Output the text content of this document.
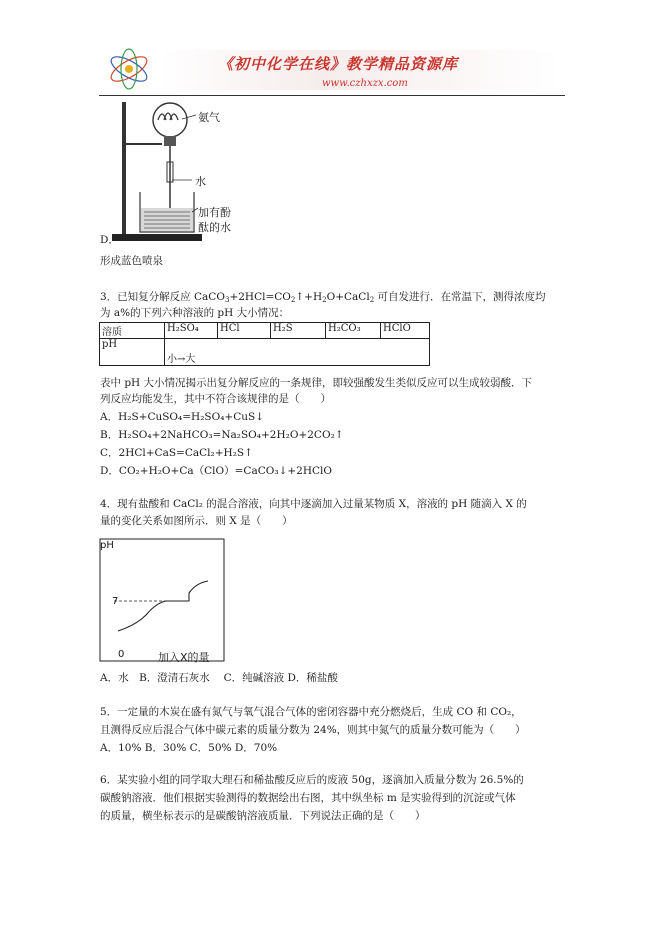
《初中化学在线》教学精品资源库
www.czhxzx.com
氨气
水
加有酚
酞的水
D．
形成蓝色喷泉
3．已知复分解反应 $CaCO_3+2HCl=CO_2↑+H_2O+CaCl_2$ 可自发进行．在常温下，测得浓度均
为 a%的下列六种溶液的 pH 大小情况：
溶质	H₂SO₄	HCl	H₂S	H₂CO₃	HClO
pH	小→大				
表中 pH 大小情况揭示出复分解反应的一条规律，即较强酸发生类似反应可以生成较弱酸．下
列反应均能发生，其中不符合该规律的是（　　）
A．H₂S+CuSO₄=H₂SO₄+CuS↓
B．H₂SO₄+2NaHCO₃=Na₂SO₄+2H₂O+2CO₂↑
C．2HCl+CaS=CaCl₂+H₂S↑
D．CO₂+H₂O+Ca（ClO）=CaCO₃↓+2HClO
4．现有盐酸和 CaCl₂ 的混合溶液，向其中逐滴加入过量某物质 X，溶液的 pH 随滴入 X 的
量的变化关系如图所示．则 X 是（　　）
pH
7
0	加入X的量
A．水　B．澄清石灰水　 C．纯碱溶液 D．稀盐酸
5．一定量的木炭在盛有氮气与氧气混合气体的密闭容器中充分燃烧后，生成 CO 和 CO₂，
且测得反应后混合气体中碳元素的质量分数为 24%，则其中氮气的质量分数可能为（　　）
A．10% B．30% C．50% D．70%
6．某实验小组的同学取大理石和稀盐酸反应后的废液 50g，逐滴加入质量分数为 26.5%的
碳酸钠溶液．他们根据实验测得的数据绘出右图，其中纵坐标 m 是实验得到的沉淀或气体
的质量，横坐标表示的是碳酸钠溶液质量．下列说法正确的是（　　）
